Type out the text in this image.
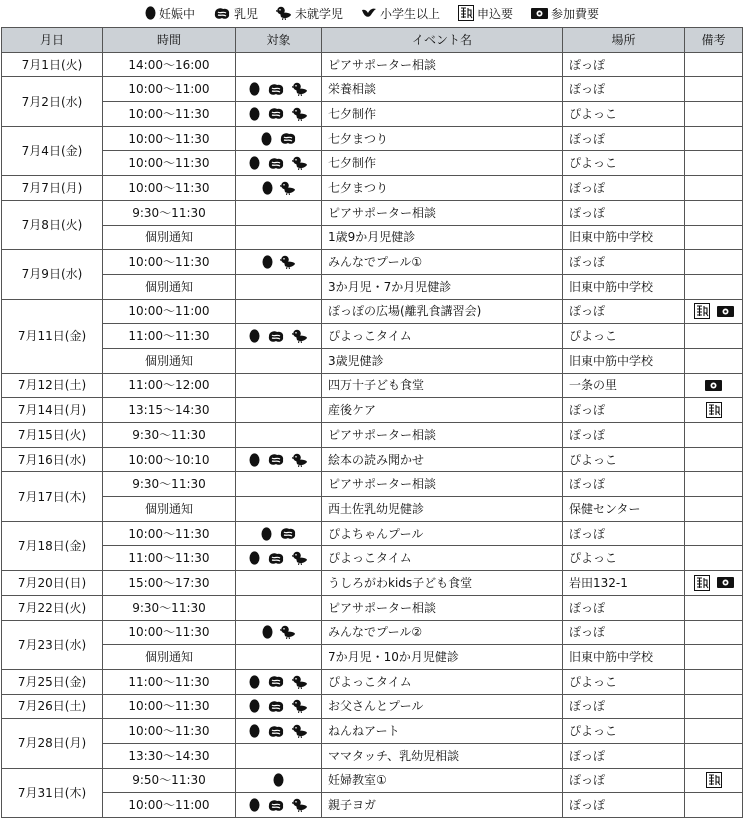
妊娠中	乳児	未就学児	小学生以上	申込要	参加費要
月日	時間	対象	イベント名	場所	備考
7月1日(火)	14:00～16:00		ピアサポーター相談	ぽっぽ	
7月2日(水)	10:00～11:00		栄養相談	ぽっぽ	
	10:00～11:30		七夕制作	ぴよっこ	
7月4日(金)	10:00～11:30		七夕まつり	ぽっぽ	
	10:00～11:30		七夕制作	ぴよっこ	
7月7日(月)	10:00～11:30		七夕まつり	ぽっぽ	
7月8日(火)	9:30～11:30		ピアサポーター相談	ぽっぽ	
	個別通知		1歳9か月児健診	旧東中筋中学校	
7月9日(水)	10:00～11:30		みんなでプール①	ぽっぽ	
	個別通知		3か月児・7か月児健診	旧東中筋中学校	
7月11日(金)	10:00～11:00		ぽっぽの広場(離乳食講習会)	ぽっぽ	

	11:00～11:30		ぴよっこタイム	ぴよっこ	
	個別通知		3歳児健診	旧東中筋中学校	
7月12日(土)	11:00～12:00		四万十子ども食堂	一条の里	

7月14日(月)	13:15～14:30		産後ケア	ぽっぽ	

7月15日(火)	9:30～11:30		ピアサポーター相談	ぽっぽ	
7月16日(水)	10:00～10:10		絵本の読み聞かせ	ぴよっこ	
7月17日(木)	9:30～11:30		ピアサポーター相談	ぽっぽ	
	個別通知		西土佐乳幼児健診	保健センター	
7月18日(金)	10:00～11:30		ぴよちゃんプール	ぽっぽ	
	11:00～11:30		ぴよっこタイム	ぴよっこ	
7月20日(日)	15:00～17:30		うしろがわkids子ども食堂	岩田132-1	

7月22日(火)	9:30～11:30		ピアサポーター相談	ぽっぽ	
7月23日(水)	10:00～11:30		みんなでプール②	ぽっぽ	
	個別通知		7か月児・10か月児健診	旧東中筋中学校	
7月25日(金)	11:00～11:30		ぴよっこタイム	ぴよっこ	
7月26日(土)	10:00～11:30		お父さんとプール	ぽっぽ	
7月28日(月)	10:00～11:30		ねんねアート	ぴよっこ	
	13:30～14:30		ママタッチ、乳幼児相談	ぽっぽ	
7月31日(木)	9:50～11:30		妊婦教室①	ぽっぽ	

	10:00～11:00		親子ヨガ	ぽっぽ	
